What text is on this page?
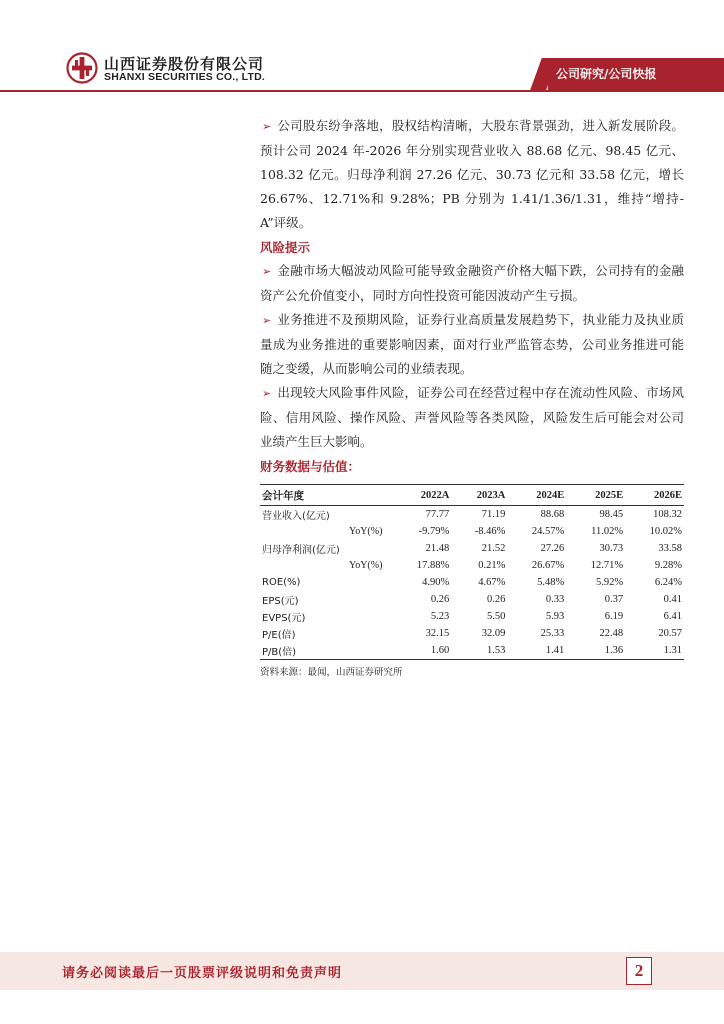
山西证券股份有限公司
SHANXI SECURITIES CO., LTD.	公司研究/公司快报

➢ 公司股东纷争落地，股权结构清晰，大股东背景强劲，进入新发展阶段。预计公司 2024 年-2026 年分别实现营业收入 88.68 亿元、98.45 亿元、108.32 亿元。归母净利润 27.26 亿元、30.73 亿元和 33.58 亿元，增长 26.67%、12.71%和 9.28%；PB 分别为 1.41/1.36/1.31，维持“增持-A”评级。

风险提示

➢ 金融市场大幅波动风险可能导致金融资产价格大幅下跌，公司持有的金融资产公允价值变小，同时方向性投资可能因波动产生亏损。

➢ 业务推进不及预期风险，证券行业高质量发展趋势下，执业能力及执业质量成为业务推进的重要影响因素，面对行业严监管态势，公司业务推进可能随之变缓，从而影响公司的业绩表现。

➢ 出现较大风险事件风险，证券公司在经营过程中存在流动性风险、市场风险、信用风险、操作风险、声誉风险等各类风险，风险发生后可能会对公司业绩产生巨大影响。

财务数据与估值：

会计年度	2022A	2023A	2024E	2025E	2026E
营业收入(亿元)	77.77	71.19	88.68	98.45	108.32
YoY(%)	-9.79%	-8.46%	24.57%	11.02%	10.02%
归母净利润(亿元)	21.48	21.52	27.26	30.73	33.58
YoY(%)	17.88%	0.21%	26.67%	12.71%	9.28%
ROE(%)	4.90%	4.67%	5.48%	5.92%	6.24%
EPS(元)	0.26	0.26	0.33	0.37	0.41
EVPS(元)	5.23	5.50	5.93	6.19	6.41
P/E(倍)	32.15	32.09	25.33	22.48	20.57
P/B(倍)	1.60	1.53	1.41	1.36	1.31
资料来源：最闻，山西证券研究所
请务必阅读最后一页股票评级说明和免责声明	2
